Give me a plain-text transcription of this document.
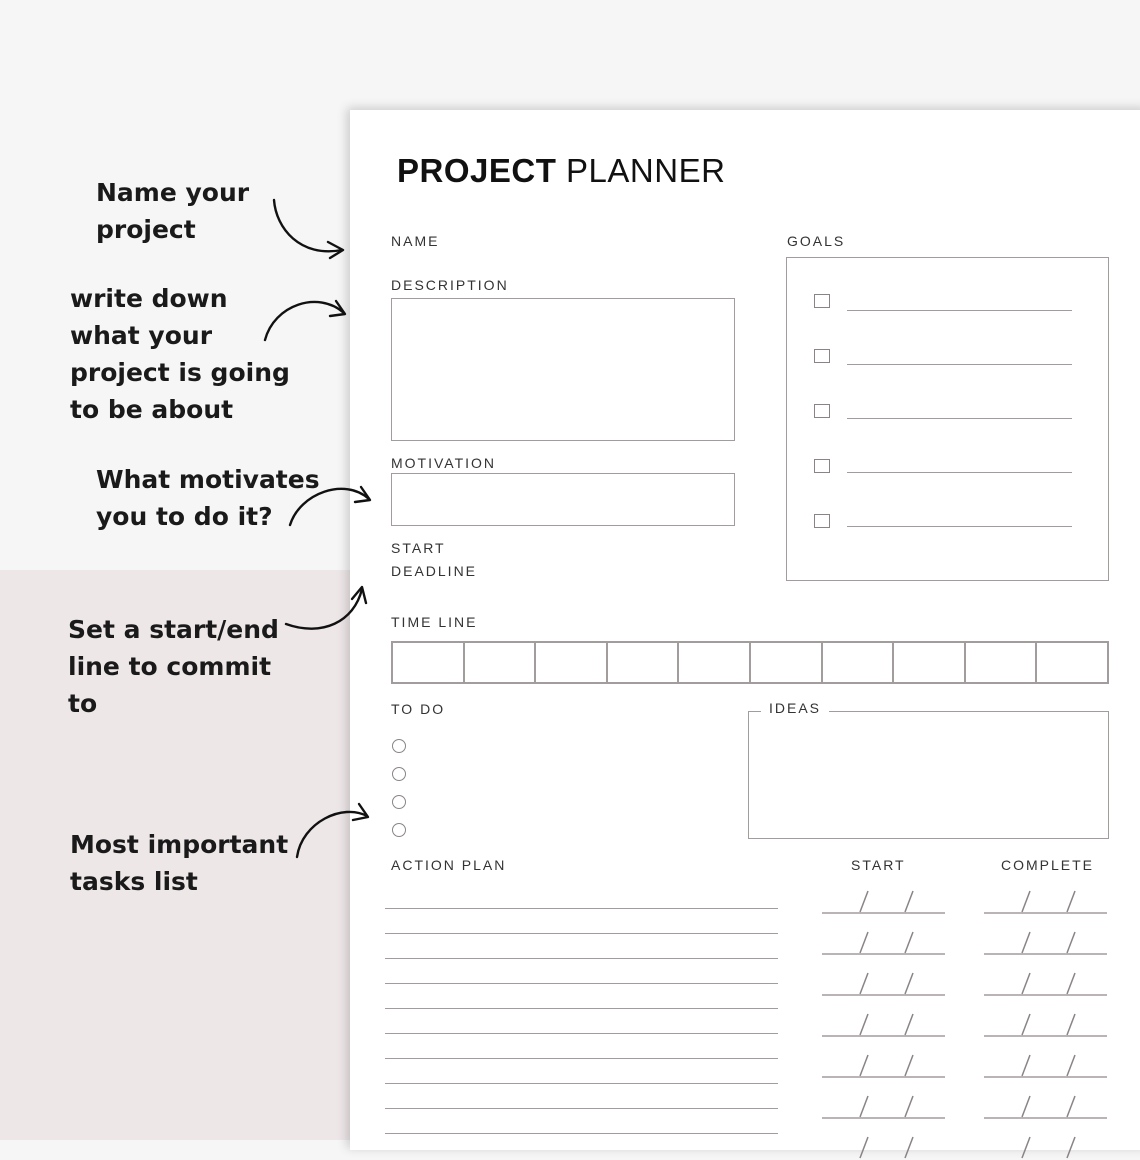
Name your
project
write down
what your
project is going
to be about
What motivates
you to do it?
Set a start/end
line to commit
to
Most important
tasks list
PROJECT PLANNER
NAME
DESCRIPTION
MOTIVATION
START
DEADLINE
GOALS
TIME LINE
TO DO	IDEAS
ACTION PLAN	START	COMPLETE
